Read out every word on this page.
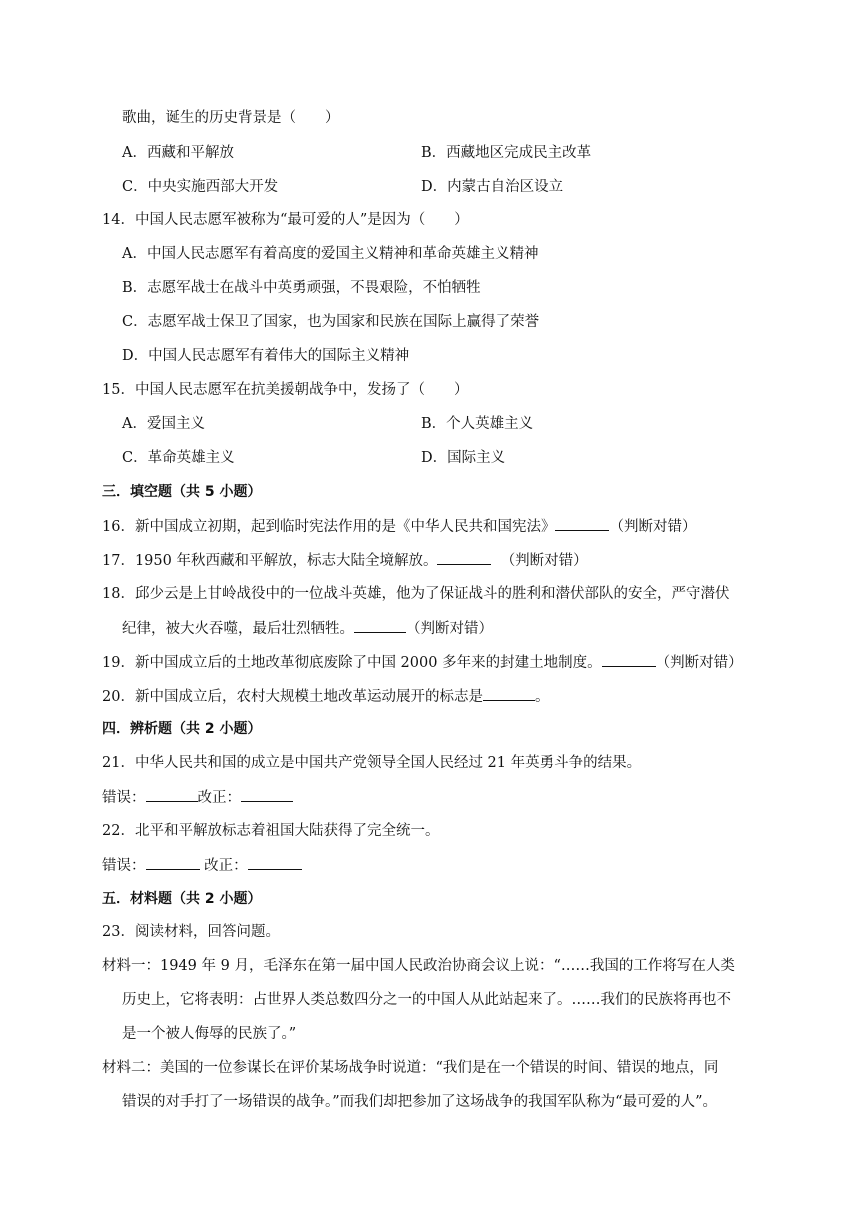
歌曲，诞生的历史背景是（　　）
A．西藏和平解放	B．西藏地区完成民主改革
C．中央实施西部大开发	D．内蒙古自治区设立
14．中国人民志愿军被称为“最可爱的人”是因为（　　）
A．中国人民志愿军有着高度的爱国主义精神和革命英雄主义精神
B．志愿军战士在战斗中英勇顽强，不畏艰险，不怕牺牲
C．志愿军战士保卫了国家，也为国家和民族在国际上赢得了荣誉
D．中国人民志愿军有着伟大的国际主义精神
15．中国人民志愿军在抗美援朝战争中，发扬了（　　）
A．爱国主义	B．个人英雄主义
C．革命英雄主义	D．国际主义
三．填空题（共 5 小题）
16．新中国成立初期，起到临时宪法作用的是《中华人民共和国宪法》	（判断对错）
17．1950 年秋西藏和平解放，标志大陆全境解放。	（判断对错）
18．邱少云是上甘岭战役中的一位战斗英雄，他为了保证战斗的胜利和潜伏部队的安全，严守潜伏
纪律，被大火吞噬，最后壮烈牺牲。	（判断对错）
19．新中国成立后的土地改革彻底废除了中国 2000 多年来的封建土地制度。	（判断对错）
20．新中国成立后，农村大规模土地改革运动展开的标志是	。
四．辨析题（共 2 小题）
21．中华人民共和国的成立是中国共产党领导全国人民经过 21 年英勇斗争的结果。
错误：	改正：
22．北平和平解放标志着祖国大陆获得了完全统一。
错误：	改正：
五．材料题（共 2 小题）
23．阅读材料，回答问题。
材料一：1949 年 9 月，毛泽东在第一届中国人民政治协商会议上说：“……我国的工作将写在人类
历史上，它将表明：占世界人类总数四分之一的中国人从此站起来了。……我们的民族将再也不
是一个被人侮辱的民族了。”
材料二：美国的一位参谋长在评价某场战争时说道：“我们是在一个错误的时间、错误的地点，同
错误的对手打了一场错误的战争。”而我们却把参加了这场战争的我国军队称为“最可爱的人”。
